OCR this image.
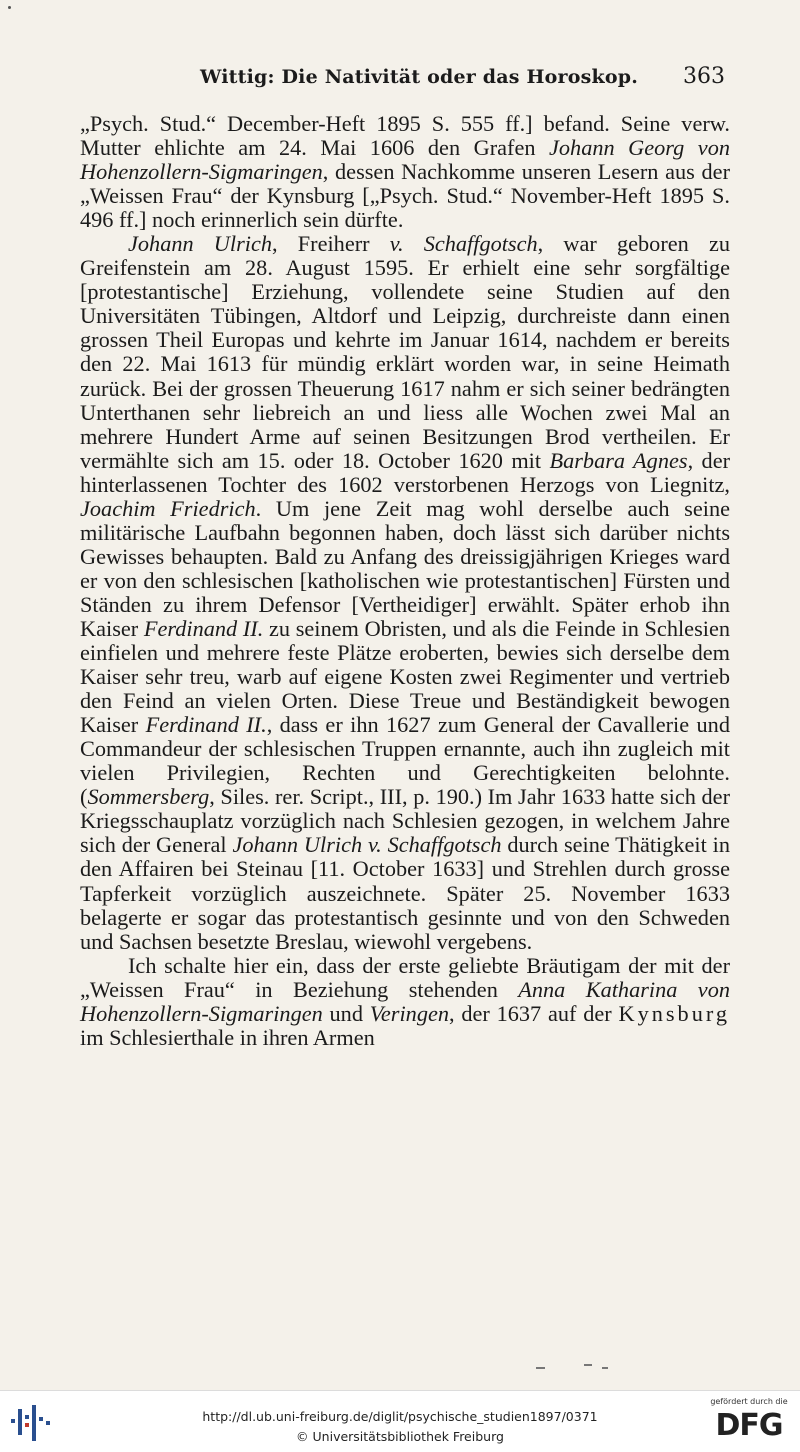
Wittig: Die Nativität oder das Horoskop. 363

„Psych. Stud.“ December-Heft 1895 S. 555 ff.] befand. Seine verw. Mutter ehlichte am 24. Mai 1606 den Grafen Johann Georg von Hohenzollern-Sigmaringen, dessen Nachkomme unseren Lesern aus der „Weissen Frau“ der Kynsburg [„Psych. Stud.“ November-Heft 1895 S. 496 ff.] noch erinnerlich sein dürfte.

Johann Ulrich, Freiherr v. Schaffgotsch, war geboren zu Greifenstein am 28. August 1595. Er erhielt eine sehr sorgfältige [protestantische] Erziehung, vollendete seine Studien auf den Universitäten Tübingen, Altdorf und Leipzig, durchreiste dann einen grossen Theil Europas und kehrte im Januar 1614, nachdem er bereits den 22. Mai 1613 für mündig erklärt worden war, in seine Heimath zurück. Bei der grossen Theuerung 1617 nahm er sich seiner bedrängten Unterthanen sehr liebreich an und liess alle Wochen zwei Mal an mehrere Hundert Arme auf seinen Besitzungen Brod vertheilen. Er vermählte sich am 15. oder 18. October 1620 mit Barbara Agnes, der hinterlassenen Tochter des 1602 verstorbenen Herzogs von Liegnitz, Joachim Friedrich. Um jene Zeit mag wohl derselbe auch seine militärische Laufbahn begonnen haben, doch lässt sich darüber nichts Gewisses behaupten. Bald zu Anfang des dreissigjährigen Krieges ward er von den schlesischen [katholischen wie protestantischen] Fürsten und Ständen zu ihrem Defensor [Vertheidiger] erwählt. Später erhob ihn Kaiser Ferdinand II. zu seinem Obristen, und als die Feinde in Schlesien einfielen und mehrere feste Plätze eroberten, bewies sich derselbe dem Kaiser sehr treu, warb auf eigene Kosten zwei Regimenter und vertrieb den Feind an vielen Orten. Diese Treue und Beständigkeit bewogen Kaiser Ferdinand II., dass er ihn 1627 zum General der Cavallerie und Commandeur der schlesischen Truppen ernannte, auch ihn zugleich mit vielen Privilegien, Rechten und Gerechtigkeiten belohnte. (Sommersberg, Siles. rer. Script., III, p. 190.) Im Jahr 1633 hatte sich der Kriegsschauplatz vorzüglich nach Schlesien gezogen, in welchem Jahre sich der General Johann Ulrich v. Schaffgotsch durch seine Thätigkeit in den Affairen bei Steinau [11. October 1633] und Strehlen durch grosse Tapferkeit vorzüglich auszeichnete. Später 25. November 1633 belagerte er sogar das protestantisch gesinnte und von den Schweden und Sachsen besetzte Breslau, wiewohl vergebens.

Ich schalte hier ein, dass der erste geliebte Bräutigam der mit der „Weissen Frau“ in Beziehung stehenden Anna Katharina von Hohenzollern-Sigmaringen und Veringen, der 1637 auf der Kynsburg im Schlesierthale in ihren Armen

http://dl.ub.uni-freiburg.de/diglit/psychische_studien1897/0371
© Universitätsbibliothek Freiburg
gefördert durch die
DFG
